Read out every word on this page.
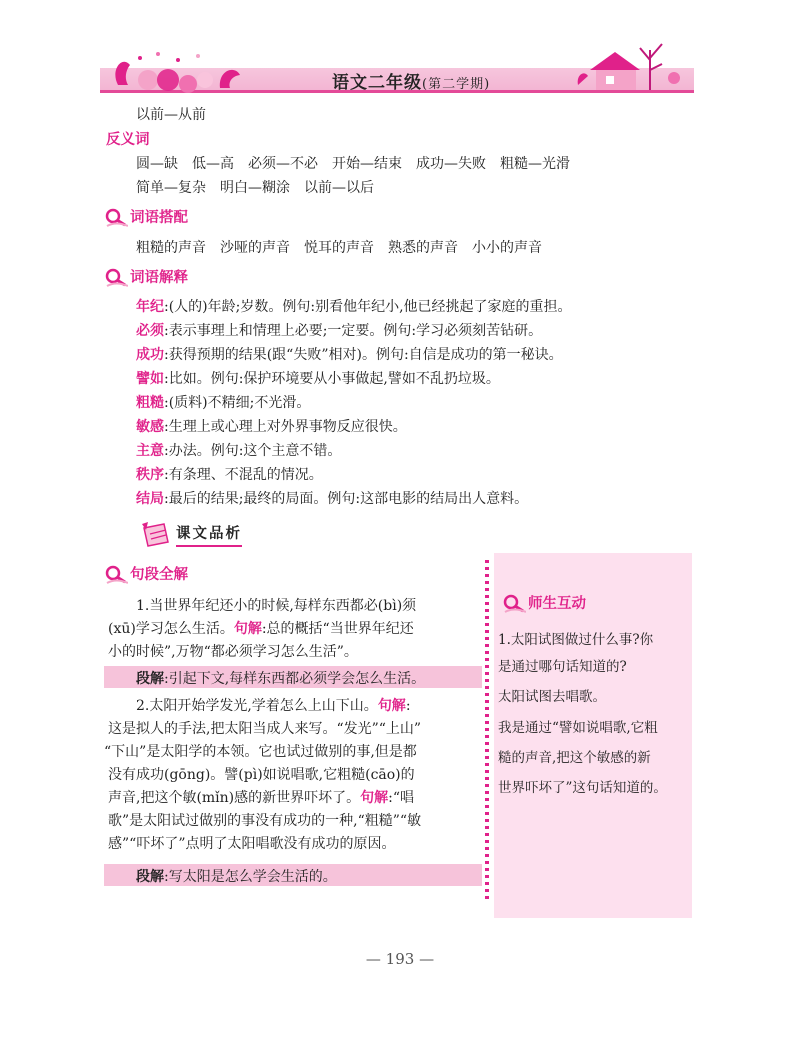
语文二年级(第二学期)
以前—从前
反义词
圆—缺　低—高　必须—不必　开始—结束　成功—失败　粗糙—光滑
简单—复杂　明白—糊涂　以前—以后
词语搭配
粗糙的声音　沙哑的声音　悦耳的声音　熟悉的声音　小小的声音
词语解释
年纪:(人的)年龄;岁数。例句:别看他年纪小,他已经挑起了家庭的重担。
必须:表示事理上和情理上必要;一定要。例句:学习必须刻苦钻研。
成功:获得预期的结果(跟“失败”相对)。例句:自信是成功的第一秘诀。
譬如:比如。例句:保护环境要从小事做起,譬如不乱扔垃圾。
粗糙:(质料)不精细;不光滑。
敏感:生理上或心理上对外界事物反应很快。
主意:办法。例句:这个主意不错。
秩序:有条理、不混乱的情况。
结局:最后的结果;最终的局面。例句:这部电影的结局出人意料。
课文品析
句段全解
1.当世界年纪还小的时候,每样东西都必(bì)须
(xū)学习怎么生活。句解:总的概括“当世界年纪还
小的时候”,万物“都必须学习怎么生活”。
段解:引起下文,每样东西都必须学会怎么生活。
2.太阳开始学发光,学着怎么上山下山。句解:
这是拟人的手法,把太阳当成人来写。“发光”“上山”
“下山”是太阳学的本领。它也试过做别的事,但是都
没有成功(gōng)。譬(pì)如说唱歌,它粗糙(cāo)的
声音,把这个敏(mǐn)感的新世界吓坏了。句解:“唱
歌”是太阳试过做别的事没有成功的一种,“粗糙”“敏
感”“吓坏了”点明了太阳唱歌没有成功的原因。
段解:写太阳是怎么学会生活的。
师生互动
1.太阳试图做过什么事?你
是通过哪句话知道的?
太阳试图去唱歌。
我是通过“譬如说唱歌,它粗
糙的声音,把这个敏感的新
世界吓坏了”这句话知道的。
— 193 —
